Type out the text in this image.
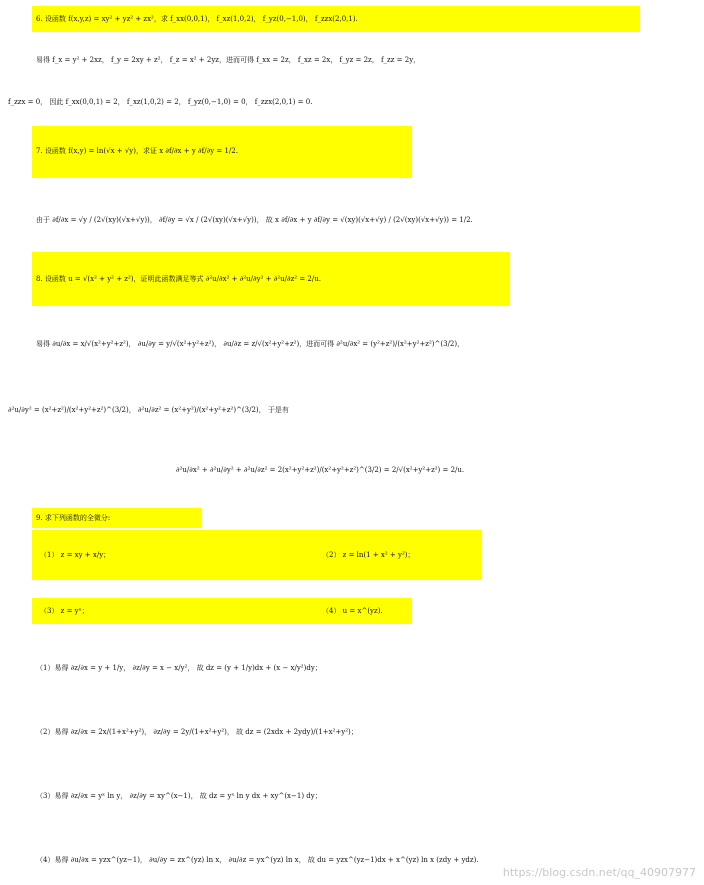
6. 设函数 f(x,y,z) = xy² + yz² + zx²，求 f_xx(0,0,1)， f_xz(1,0,2)， f_yz(0,−1,0)， f_zzx(2,0,1).
易得 f_x = y² + 2xz， f_y = 2xy + z²， f_z = x² + 2yz，进而可得 f_xx = 2z， f_xz = 2x， f_yz = 2z， f_zz = 2y，
f_zzx = 0， 因此 f_xx(0,0,1) = 2， f_xz(1,0,2) = 2， f_yz(0,−1,0) = 0， f_zzx(2,0,1) = 0.
7. 设函数 f(x,y) = ln(√x + √y)，求证 x ∂f/∂x + y ∂f/∂y = 1/2.
由于 ∂f/∂x = √y / (2√(xy)(√x+√y))， ∂f/∂y = √x / (2√(xy)(√x+√y))， 故 x ∂f/∂x + y ∂f/∂y = √(xy)(√x+√y) / (2√(xy)(√x+√y)) = 1/2.
8. 设函数 u = √(x² + y² + z²)，证明此函数满足等式 ∂²u/∂x² + ∂²u/∂y² + ∂²u/∂z² = 2/u.
易得 ∂u/∂x = x/√(x²+y²+z²)， ∂u/∂y = y/√(x²+y²+z²)， ∂u/∂z = z/√(x²+y²+z²)，进而可得 ∂²u/∂x² = (y²+z²)/(x²+y²+z²)^(3/2)，
∂²u/∂y² = (x²+z²)/(x²+y²+z²)^(3/2)， ∂²u/∂z² = (x²+y²)/(x²+y²+z²)^(3/2)， 于是有
∂²u/∂x² + ∂²u/∂y² + ∂²u/∂z² = 2(x²+y²+z²)/(x²+y²+z²)^(3/2) = 2/√(x²+y²+z²) = 2/u.
9. 求下列函数的全微分:
（1） z = xy + x/y；	（2） z = ln(1 + x² + y²)；
（3） z = yˣ；	（4） u = x^(yz).
（1）易得 ∂z/∂x = y + 1/y， ∂z/∂y = x − x/y²， 故 dz = (y + 1/y)dx + (x − x/y²)dy；
（2）易得 ∂z/∂x = 2x/(1+x²+y²)， ∂z/∂y = 2y/(1+x²+y²)， 故 dz = (2xdx + 2ydy)/(1+x²+y²)；
（3）易得 ∂z/∂x = yˣ ln y， ∂z/∂y = xy^(x−1)， 故 dz = yˣ ln y dx + xy^(x−1) dy；
（4）易得 ∂u/∂x = yzx^(yz−1)， ∂u/∂y = zx^(yz) ln x， ∂u/∂z = yx^(yz) ln x， 故 du = yzx^(yz−1)dx + x^(yz) ln x (zdy + ydz).
https://blog.csdn.net/qq_40907977
